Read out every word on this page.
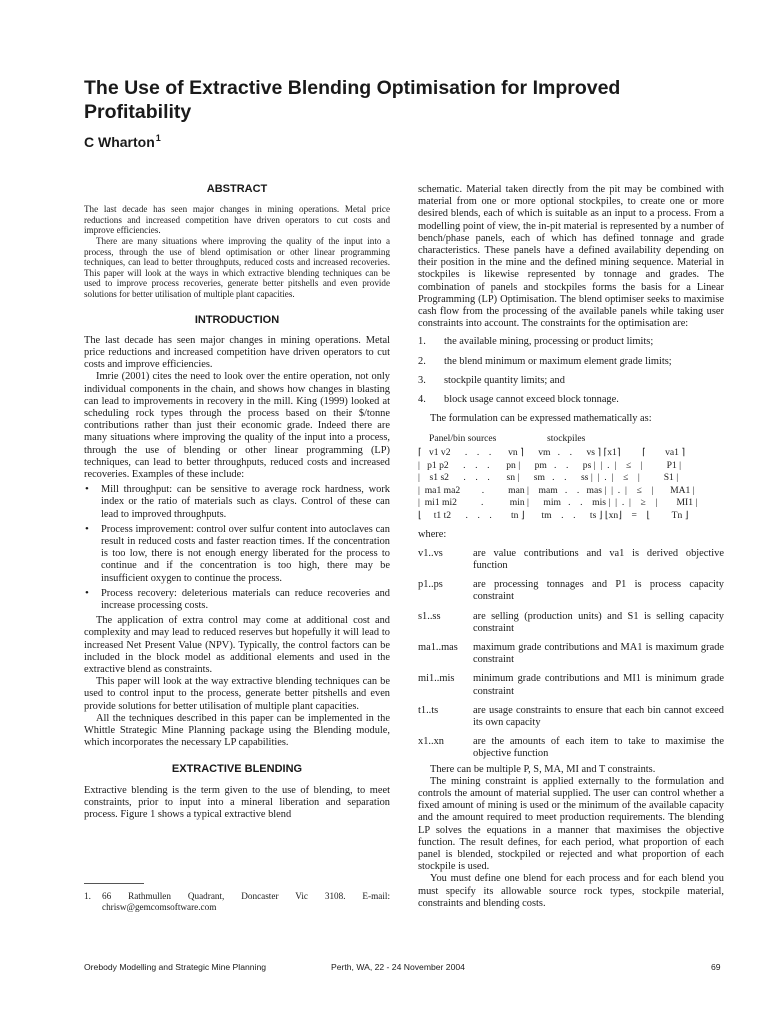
The Use of Extractive Blending Optimisation for Improved Profitability
C Wharton$^1$
ABSTRACT

The last decade has seen major changes in mining operations. Metal price reductions and increased competition have driven operators to cut costs and improve efficiencies.

There are many situations where improving the quality of the input into a process, through the use of blend optimisation or other linear programming techniques, can lead to better throughputs, reduced costs and increased recoveries. This paper will look at the ways in which extractive blending techniques can be used to improve process recoveries, generate better pitshells and even provide solutions for better utilisation of multiple plant capacities.

INTRODUCTION

The last decade has seen major changes in mining operations. Metal price reductions and increased competition have driven operators to cut costs and improve efficiencies.

Imrie (2001) cites the need to look over the entire operation, not only individual components in the chain, and shows how changes in blasting can lead to improvements in recovery in the mill. King (1999) looked at scheduling rock types through the process based on their $/tonne contributions rather than just their economic grade. Indeed there are many situations where improving the quality of the input into a process, through the use of blending or other linear programming (LP) techniques, can lead to better throughputs, reduced costs and increased recoveries. Examples of these include:

• Mill throughput: can be sensitive to average rock hardness, work index or the ratio of materials such as clays. Control of these can lead to improved throughputs.
• Process improvement: control over sulfur content into autoclaves can result in reduced costs and faster reaction times. If the concentration is too low, there is not enough energy liberated for the process to continue and if the concentration is too high, there may be insufficient oxygen to continue the process.
• Process recovery: deleterious materials can reduce recoveries and increase processing costs.

The application of extra control may come at additional cost and complexity and may lead to reduced reserves but hopefully it will lead to increased Net Present Value (NPV). Typically, the control factors can be included in the block model as additional elements and used in the extractive blend as constraints.

This paper will look at the way extractive blending techniques can be used to control input to the process, generate better pitshells and even provide solutions for better utilisation of multiple plant capacities.

All the techniques described in this paper can be implemented in the Whittle Strategic Mine Planning package using the Blending module, which incorporates the necessary LP capabilities.

EXTRACTIVE BLENDING

Extractive blending is the term given to the use of blending, to meet constraints, prior to input into a mineral liberation and separation process. Figure 1 shows a typical extractive blend

1.	66 Rathmullen Quadrant, Doncaster Vic 3108. E-mail: chrisw@gemcomsoftware.com

schematic. Material taken directly from the pit may be combined with material from one or more optional stockpiles, to create one or more desired blends, each of which is suitable as an input to a process. From a modelling point of view, the in-pit material is represented by a number of bench/phase panels, each of which has defined tonnage and grade characteristics. These panels have a defined availability depending on their position in the mine and the defined mining sequence. Material in stockpiles is likewise represented by tonnage and grades. The combination of panels and stockpiles forms the basis for a Linear Programming (LP) Optimisation. The blend optimiser seeks to maximise cash flow from the processing of the available panels while taking user constraints into account. The constraints for the optimisation are:

1.	the available mining, processing or product limits;
2.	the blend minimum or maximum element grade limits;
3.	stockpile quantity limits; and
4.	block usage cannot exceed block tonnage.

The formulation can be expressed mathematically as:

Panel/bin sources	stockpiles
⌈   v1 v2      .    .    .       vn ⌉      vm   .    .      vs ⌉ ⌈x1⌉         ⌈        va1 ⌉
|   p1 p2      .    .    .       pn |      pm   .    .      ps |  |  .  |    ≤    |          P1 |
|    s1 s2      .    .    .       sn |      sm   .    .      ss |  |  .  |    ≤    |          S1 |
|  ma1 ma2         .          man |    mam   .    .   mas |  |  .  |    ≤    |       MA1 |
|  mi1 mi2          .           min |      mim   .    .    mis |  |  .  |    ≥    |        MI1 |
⌊     t1 t2      .    .    .        tn ⌋       tm    .    .      ts ⌋ ⌊xn⌋    =    ⌊         Tn ⌋
where:
v1..vs	are value contributions and va1 is derived objective function
p1..ps	are processing tonnages and P1 is process capacity constraint
s1..ss	are selling (production units) and S1 is selling capacity constraint
ma1..mas	maximum grade contributions and MA1 is maximum grade constraint
mi1..mis	minimum grade contributions and MI1 is minimum grade constraint
t1..ts	are usage constraints to ensure that each bin cannot exceed its own capacity
x1..xn	are the amounts of each item to take to maximise the objective function

There can be multiple P, S, MA, MI and T constraints.

The mining constraint is applied externally to the formulation and controls the amount of material supplied. The user can control whether a fixed amount of mining is used or the minimum of the available capacity and the amount required to meet production requirements. The blending LP solves the equations in a manner that maximises the objective function. The result defines, for each period, what proportion of each panel is blended, stockpiled or rejected and what proportion of each stockpile is used.

You must define one blend for each process and for each blend you must specify its allowable source rock types, stockpile material, constraints and blending costs.

Orebody Modelling and Strategic Mine Planning	Perth, WA, 22 - 24 November 2004	69
